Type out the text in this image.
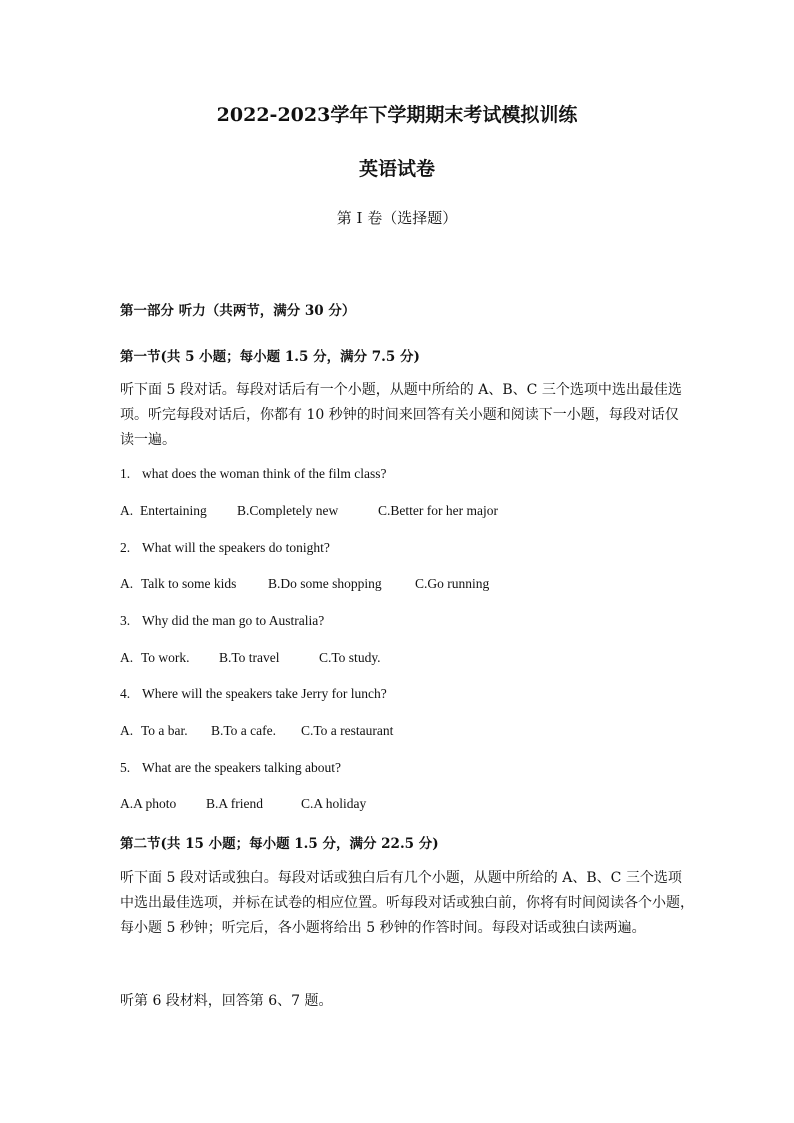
2022-2023学年下学期期末考试模拟训练
英语试卷
第 I 卷（选择题）
第一部分 听力（共两节，满分 30 分）
第一节(共 5 小题；每小题 1.5 分，满分 7.5 分)
听下面 5 段对话。每段对话后有一个小题，从题中所给的 A、B、C 三个选项中选出最佳选
项。听完每段对话后，你都有 10 秒钟的时间来回答有关小题和阅读下一小题，每段对话仅
读一遍。
1. what does the woman think of the film class?
A. Entertaining B.Completely new	C.Better for her major
2. What will the speakers do tonight?
A. Talk to some kids B.Do some shopping C.Go running
3. Why did the man go to Australia?
A. To work. B.To travel	C.To study.
4. Where will the speakers take Jerry for lunch?
A. To a bar. B.To a cafe. C.To a restaurant
5. What are the speakers talking about?
A.A photo B.A friend	C.A holiday
第二节(共 15 小题；每小题 1.5 分，满分 22.5 分)
听下面 5 段对话或独白。每段对话或独白后有几个小题，从题中所给的 A、B、C 三个选项
中选出最佳选项，并标在试卷的相应位置。听每段对话或独白前，你将有时间阅读各个小题，
每小题 5 秒钟；听完后，各小题将给出 5 秒钟的作答时间。每段对话或独白读两遍。
听第 6 段材料，回答第 6、7 题。
